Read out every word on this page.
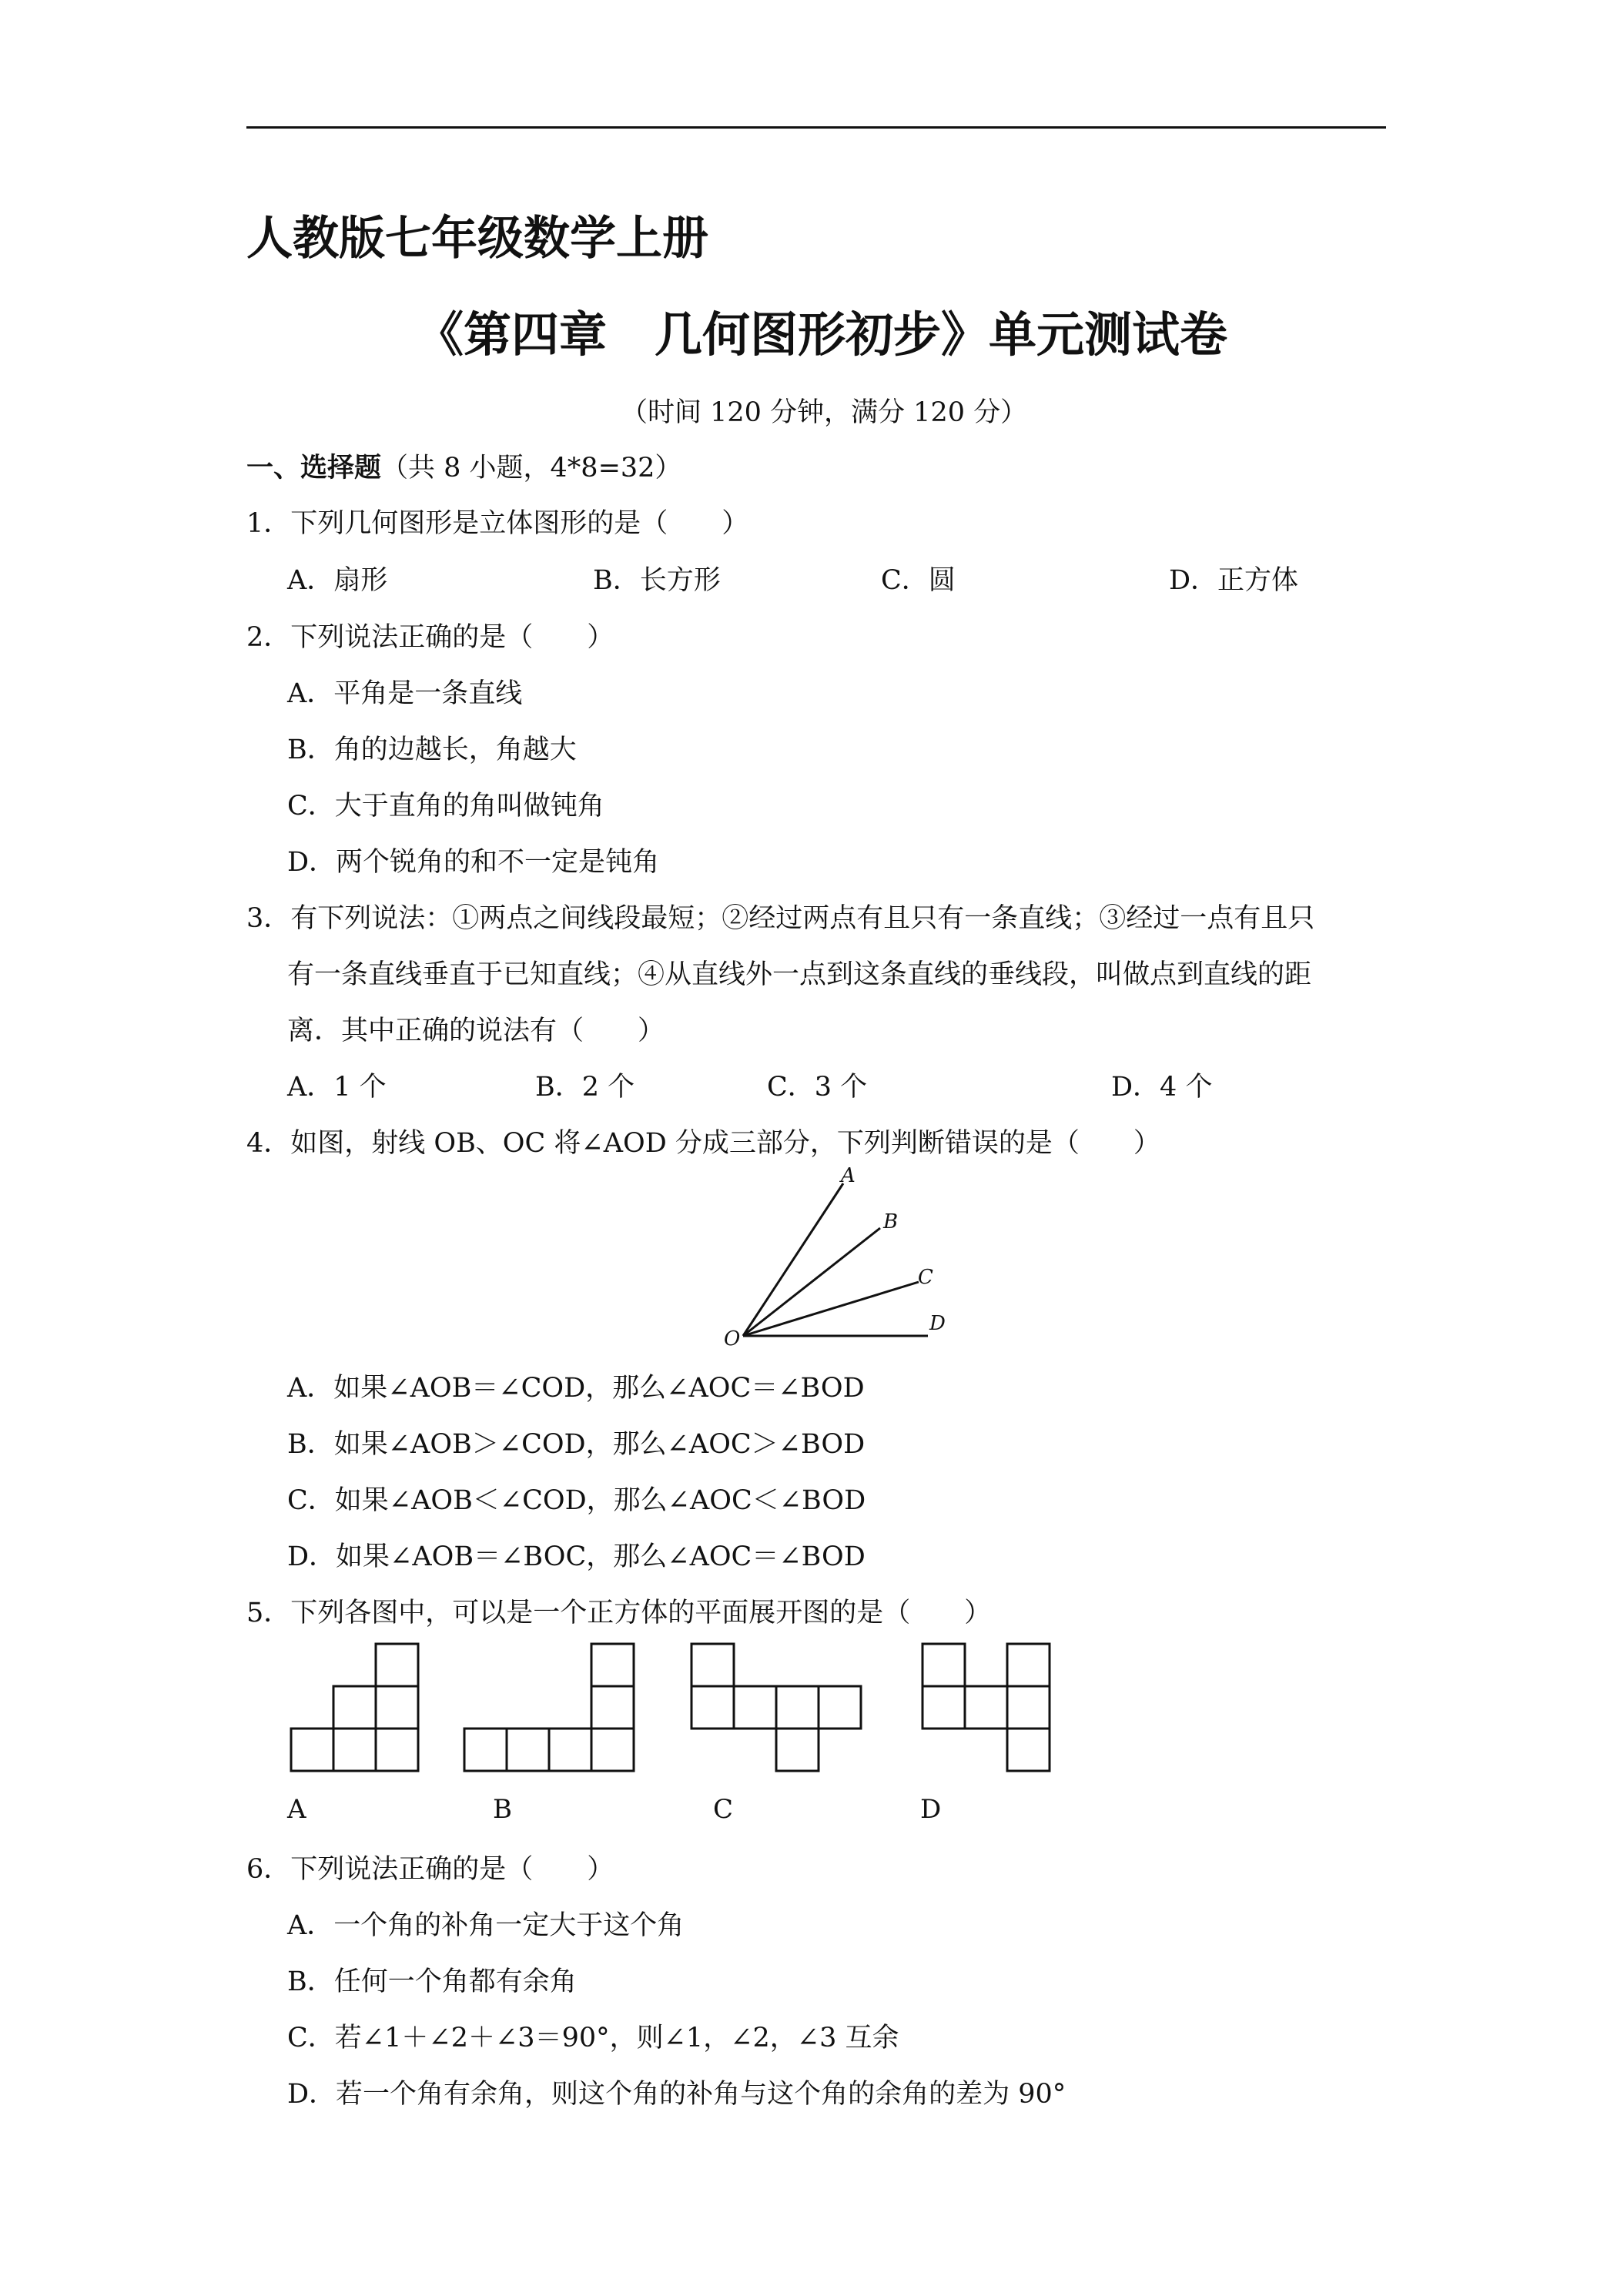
人教版七年级数学上册
《第四章　几何图形初步》单元测试卷
（时间 120 分钟，满分 120 分）
一、选择题（共 8 小题，4*8=32）
1．下列几何图形是立体图形的是（　　）
A．扇形	B．长方形	C．圆	D．正方体
2．下列说法正确的是（　　）
A．平角是一条直线
B．角的边越长，角越大
C．大于直角的角叫做钝角
D．两个锐角的和不一定是钝角
3．有下列说法：①两点之间线段最短；②经过两点有且只有一条直线；③经过一点有且只
有一条直线垂直于已知直线；④从直线外一点到这条直线的垂线段，叫做点到直线的距
离．其中正确的说法有（　　）
A．1 个	B．2 个	C．3 个	D．4 个
4．如图，射线 OB、OC 将∠AOD 分成三部分，下列判断错误的是（　　）
A
B
C
D
O
A．如果∠AOB＝∠COD，那么∠AOC＝∠BOD
B．如果∠AOB＞∠COD，那么∠AOC＞∠BOD
C．如果∠AOB＜∠COD，那么∠AOC＜∠BOD
D．如果∠AOB＝∠BOC，那么∠AOC＝∠BOD
5．下列各图中，可以是一个正方体的平面展开图的是（　　）
A	B	C	D
6．下列说法正确的是（　　）
A．一个角的补角一定大于这个角
B．任何一个角都有余角
C．若∠1＋∠2＋∠3＝90°，则∠1，∠2，∠3 互余
D．若一个角有余角，则这个角的补角与这个角的余角的差为 90°
